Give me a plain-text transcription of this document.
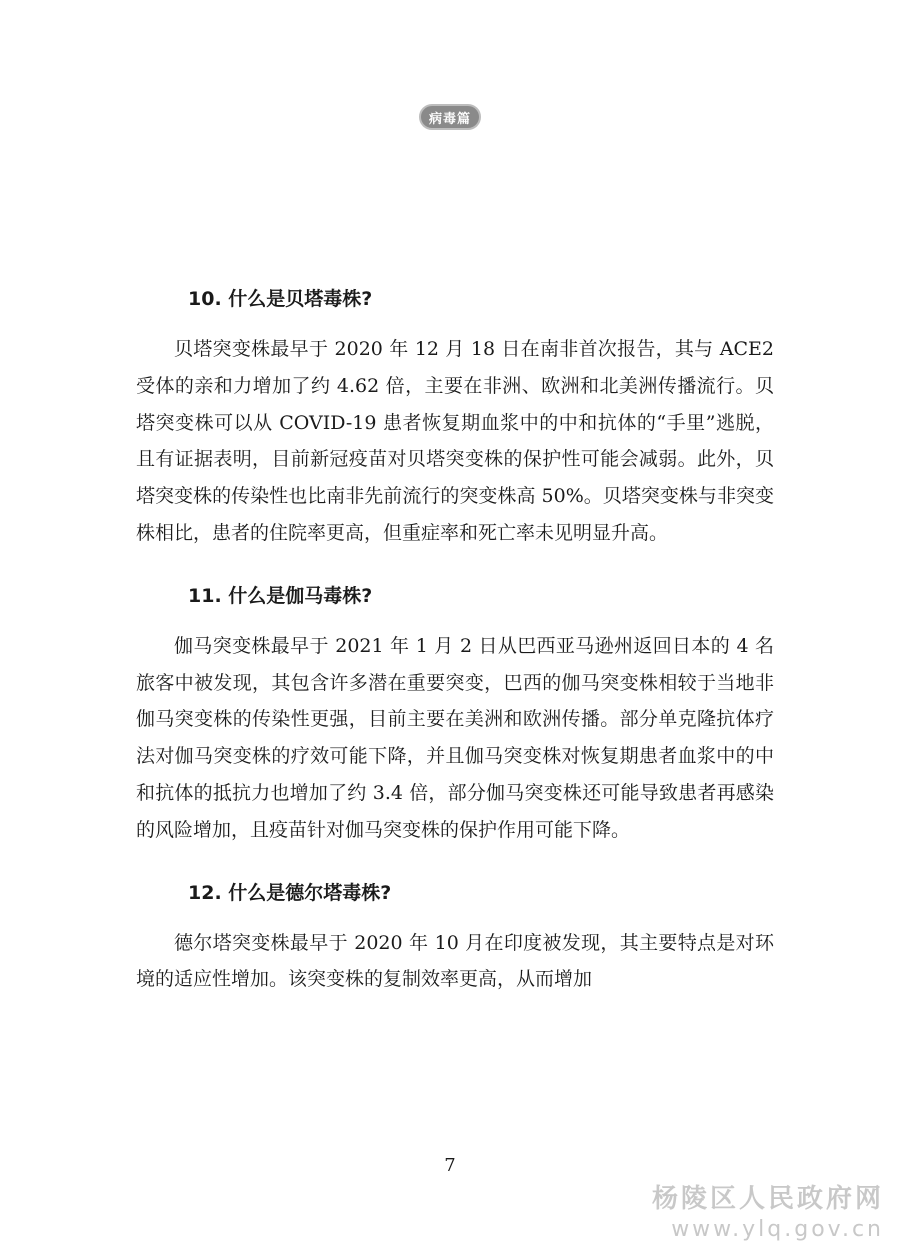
病毒篇
10. 什么是贝塔毒株?

贝塔突变株最早于 2020 年 12 月 18 日在南非首次报告，其与 ACE2 受体的亲和力增加了约 4.62 倍，主要在非洲、欧洲和北美洲传播流行。贝塔突变株可以从 COVID-19 患者恢复期血浆中的中和抗体的“手里”逃脱，且有证据表明，目前新冠疫苗对贝塔突变株的保护性可能会减弱。此外，贝塔突变株的传染性也比南非先前流行的突变株高 50%。贝塔突变株与非突变株相比，患者的住院率更高，但重症率和死亡率未见明显升高。

11. 什么是伽马毒株?

伽马突变株最早于 2021 年 1 月 2 日从巴西亚马逊州返回日本的 4 名旅客中被发现，其包含许多潜在重要突变，巴西的伽马突变株相较于当地非伽马突变株的传染性更强，目前主要在美洲和欧洲传播。部分单克隆抗体疗法对伽马突变株的疗效可能下降，并且伽马突变株对恢复期患者血浆中的中和抗体的抵抗力也增加了约 3.4 倍，部分伽马突变株还可能导致患者再感染的风险增加，且疫苗针对伽马突变株的保护作用可能下降。

12. 什么是德尔塔毒株?

德尔塔突变株最早于 2020 年 10 月在印度被发现，其主要特点是对环境的适应性增加。该突变株的复制效率更高，从而增加

7
杨陵区人民政府网
www.ylq.gov.cn
